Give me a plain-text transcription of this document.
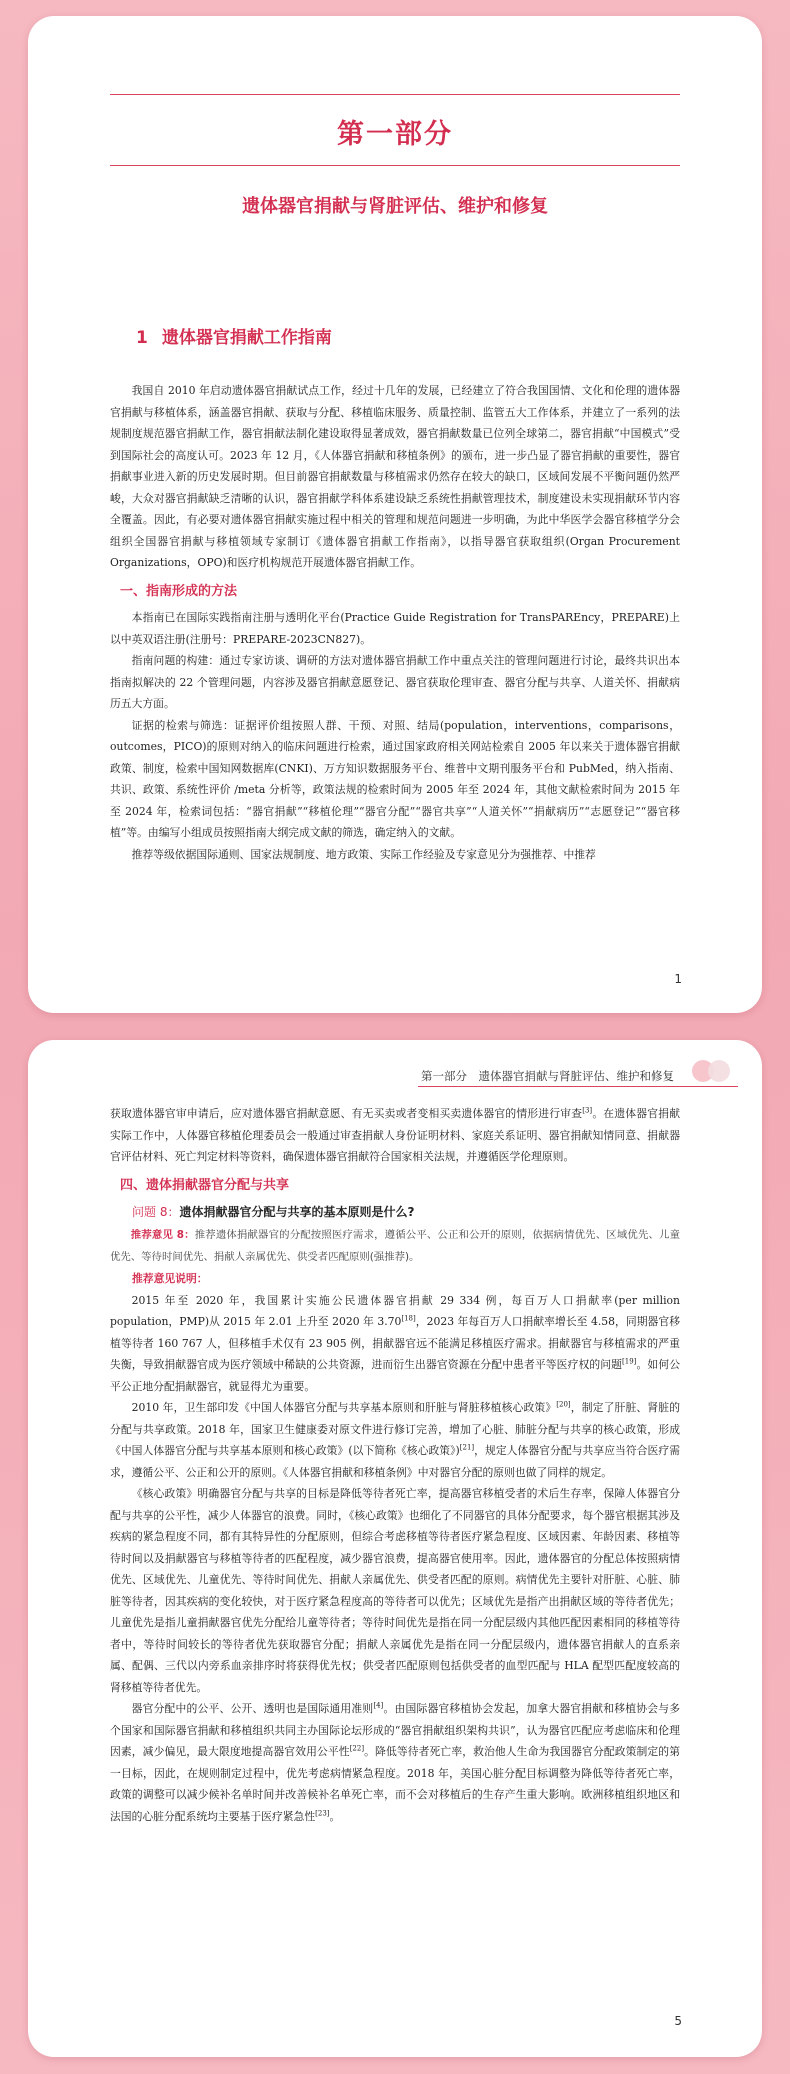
第一部分
遗体器官捐献与肾脏评估、维护和修复
1 遗体器官捐献工作指南

我国自 2010 年启动遗体器官捐献试点工作，经过十几年的发展，已经建立了符合我国国情、文化和伦理的遗体器官捐献与移植体系，涵盖器官捐献、获取与分配、移植临床服务、质量控制、监管五大工作体系，并建立了一系列的法规制度规范器官捐献工作，器官捐献法制化建设取得显著成效，器官捐献数量已位列全球第二，器官捐献“中国模式”受到国际社会的高度认可。2023 年 12 月，《人体器官捐献和移植条例》的颁布，进一步凸显了器官捐献的重要性，器官捐献事业进入新的历史发展时期。但目前器官捐献数量与移植需求仍然存在较大的缺口，区域间发展不平衡问题仍然严峻，大众对器官捐献缺乏清晰的认识，器官捐献学科体系建设缺乏系统性捐献管理技术，制度建设未实现捐献环节内容全覆盖。因此，有必要对遗体器官捐献实施过程中相关的管理和规范问题进一步明确，为此中华医学会器官移植学分会组织全国器官捐献与移植领域专家制订《遗体器官捐献工作指南》，以指导器官获取组织(Organ Procurement Organizations，OPO)和医疗机构规范开展遗体器官捐献工作。

一、指南形成的方法

本指南已在国际实践指南注册与透明化平台(Practice Guide Registration for TransPAREncy，PREPARE)上以中英双语注册(注册号：PREPARE-2023CN827)。

指南问题的构建：通过专家访谈、调研的方法对遗体器官捐献工作中重点关注的管理问题进行讨论，最终共识出本指南拟解决的 22 个管理问题，内容涉及器官捐献意愿登记、器官获取伦理审查、器官分配与共享、人道关怀、捐献病历五大方面。

证据的检索与筛选：证据评价组按照人群、干预、对照、结局(population，interventions，comparisons，outcomes，PICO)的原则对纳入的临床问题进行检索，通过国家政府相关网站检索自 2005 年以来关于遗体器官捐献政策、制度，检索中国知网数据库(CNKI)、万方知识数据服务平台、维普中文期刊服务平台和 PubMed，纳入指南、共识、政策、系统性评价 /meta 分析等，政策法规的检索时间为 2005 年至 2024 年，其他文献检索时间为 2015 年至 2024 年，检索词包括：“器官捐献”“移植伦理”“器官分配”“器官共享”“人道关怀”“捐献病历”“志愿登记”“器官移植”等。由编写小组成员按照指南大纲完成文献的筛选，确定纳入的文献。

推荐等级依据国际通则、国家法规制度、地方政策、实际工作经验及专家意见分为强推荐、中推荐

1
第一部分　遗体器官捐献与肾脏评估、维护和修复

获取遗体器官审申请后，应对遗体器官捐献意愿、有无买卖或者变相买卖遗体器官的情形进行审查[3]。在遗体器官捐献实际工作中，人体器官移植伦理委员会一般通过审查捐献人身份证明材料、家庭关系证明、器官捐献知情同意、捐献器官评估材料、死亡判定材料等资料，确保遗体器官捐献符合国家相关法规，并遵循医学伦理原则。

四、遗体捐献器官分配与共享
问题 8：遗体捐献器官分配与共享的基本原则是什么?

推荐意见 8：推荐遗体捐献器官的分配按照医疗需求，遵循公平、公正和公开的原则，依据病情优先、区域优先、儿童优先、等待时间优先、捐献人亲属优先、供受者匹配原则(强推荐)。

推荐意见说明：

2015 年至 2020 年，我国累计实施公民遗体器官捐献 29 334 例，每百万人口捐献率(per million population，PMP)从 2015 年 2.01 上升至 2020 年 3.70[18]，2023 年每百万人口捐献率增长至 4.58，同期器官移植等待者 160 767 人，但移植手术仅有 23 905 例，捐献器官远不能满足移植医疗需求。捐献器官与移植需求的严重失衡，导致捐献器官成为医疗领域中稀缺的公共资源，进而衍生出器官资源在分配中患者平等医疗权的问题[19]。如何公平公正地分配捐献器官，就显得尤为重要。

2010 年，卫生部印发《中国人体器官分配与共享基本原则和肝脏与肾脏移植核心政策》[20]，制定了肝脏、肾脏的分配与共享政策。2018 年，国家卫生健康委对原文件进行修订完善，增加了心脏、肺脏分配与共享的核心政策，形成《中国人体器官分配与共享基本原则和核心政策》(以下简称《核心政策》)[21]，规定人体器官分配与共享应当符合医疗需求，遵循公平、公正和公开的原则。《人体器官捐献和移植条例》中对器官分配的原则也做了同样的规定。

《核心政策》明确器官分配与共享的目标是降低等待者死亡率，提高器官移植受者的术后生存率，保障人体器官分配与共享的公平性，减少人体器官的浪费。同时，《核心政策》也细化了不同器官的具体分配要求，每个器官根据其涉及疾病的紧急程度不同，都有其特异性的分配原则，但综合考虑移植等待者医疗紧急程度、区域因素、年龄因素、移植等待时间以及捐献器官与移植等待者的匹配程度，减少器官浪费，提高器官使用率。因此，遗体器官的分配总体按照病情优先、区域优先、儿童优先、等待时间优先、捐献人亲属优先、供受者匹配的原则。病情优先主要针对肝脏、心脏、肺脏等待者，因其疾病的变化较快，对于医疗紧急程度高的等待者可以优先；区域优先是指产出捐献区域的等待者优先；儿童优先是指儿童捐献器官优先分配给儿童等待者；等待时间优先是指在同一分配层级内其他匹配因素相同的移植等待者中，等待时间较长的等待者优先获取器官分配；捐献人亲属优先是指在同一分配层级内，遗体器官捐献人的直系亲属、配偶、三代以内旁系血亲排序时将获得优先权；供受者匹配原则包括供受者的血型匹配与 HLA 配型匹配度较高的肾移植等待者优先。

器官分配中的公平、公开、透明也是国际通用准则[4]。由国际器官移植协会发起，加拿大器官捐献和移植协会与多个国家和国际器官捐献和移植组织共同主办国际论坛形成的“器官捐献组织架构共识”，认为器官匹配应考虑临床和伦理因素，减少偏见，最大限度地提高器官效用公平性[22]。降低等待者死亡率，救治他人生命为我国器官分配政策制定的第一目标，因此，在规则制定过程中，优先考虑病情紧急程度。2018 年，美国心脏分配目标调整为降低等待者死亡率，政策的调整可以减少候补名单时间并改善候补名单死亡率，而不会对移植后的生存产生重大影响。欧洲移植组织地区和法国的心脏分配系统均主要基于医疗紧急性[23]。

5
